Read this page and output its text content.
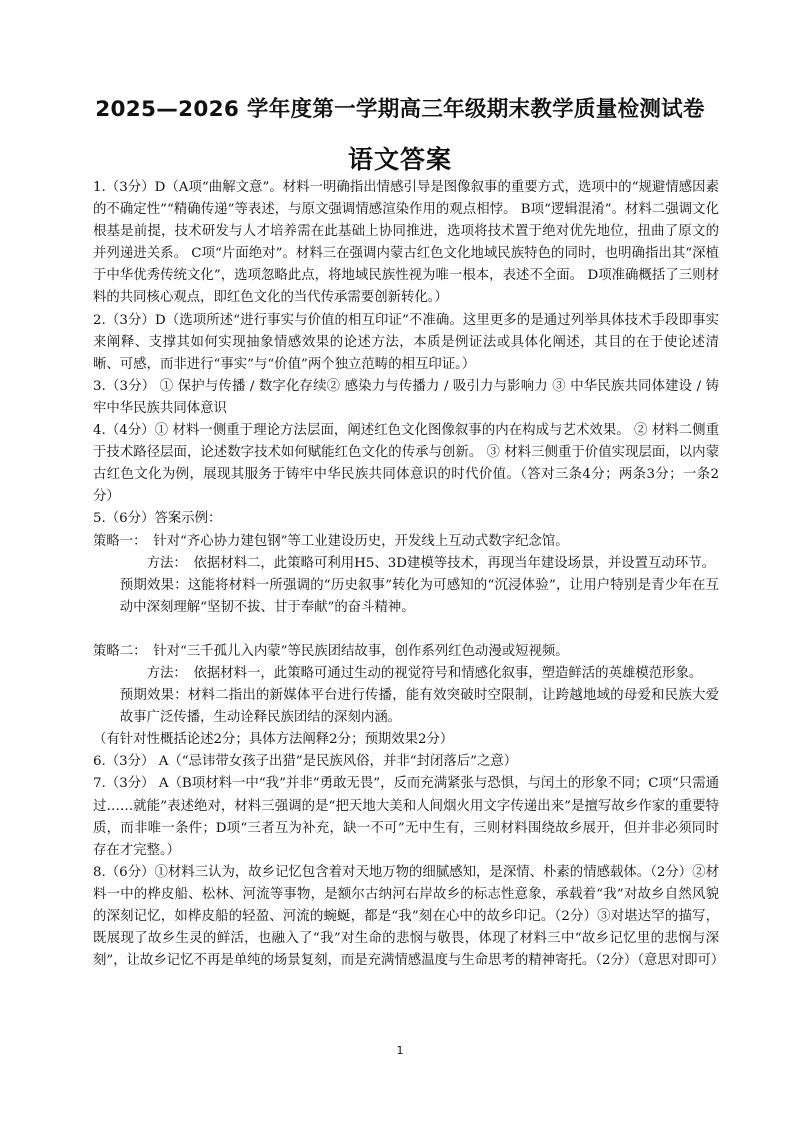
2025—2026 学年度第一学期高三年级期末教学质量检测试卷
语文答案

1.（3分）D（A项“曲解文意”。材料一明确指出情感引导是图像叙事的重要方式，选项中的“规避情感因素的不确定性”“精确传递”等表述，与原文强调情感渲染作用的观点相悖。 B项“逻辑混淆”。材料二强调文化根基是前提，技术研发与人才培养需在此基础上协同推进，选项将技术置于绝对优先地位，扭曲了原文的并列递进关系。 C项“片面绝对”。材料三在强调内蒙古红色文化地域民族特色的同时，也明确指出其“深植于中华优秀传统文化”，选项忽略此点，将地域民族性视为唯一根本，表述不全面。 D项准确概括了三则材料的共同核心观点，即红色文化的当代传承需要创新转化。）

2.（3分）D（选项所述“进行事实与价值的相互印证”不准确。这里更多的是通过列举具体技术手段即事实来阐释、支撑其如何实现抽象情感效果的论述方法，本质是例证法或具体化阐述，其目的在于使论述清晰、可感，而非进行“事实”与“价值”两个独立范畴的相互印证。）

3.（3分） ① 保护与传播 / 数字化存续② 感染力与传播力 / 吸引力与影响力 ③ 中华民族共同体建设 / 铸牢中华民族共同体意识

4.（4分）① 材料一侧重于理论方法层面，阐述红色文化图像叙事的内在构成与艺术效果。 ② 材料二侧重于技术路径层面，论述数字技术如何赋能红色文化的传承与创新。 ③ 材料三侧重于价值实现层面，以内蒙古红色文化为例，展现其服务于铸牢中华民族共同体意识的时代价值。（答对三条4分；两条3分；一条2分）

5.（6分）答案示例：

策略一：　针对“齐心协力建包钢”等工业建设历史，开发线上互动式数字纪念馆。

方法：　依据材料二，此策略可利用H5、3D建模等技术，再现当年建设场景，并设置互动环节。

预期效果：这能将材料一所强调的“历史叙事”转化为可感知的“沉浸体验”，让用户特别是青少年在互动中深刻理解“坚韧不拔、甘于奉献”的奋斗精神。

策略二：　针对“三千孤儿入内蒙”等民族团结故事，创作系列红色动漫或短视频。

方法：　依据材料一，此策略可通过生动的视觉符号和情感化叙事，塑造鲜活的英雄模范形象。

预期效果：材料二指出的新媒体平台进行传播，能有效突破时空限制，让跨越地域的母爱和民族大爱故事广泛传播，生动诠释民族团结的深刻内涵。

（有针对性概括论述2分；具体方法阐释2分；预期效果2分）

6.（3分） A（“忌讳带女孩子出猎”是民族风俗，并非“封闭落后”之意）

7.（3分） A（B项材料一中“我”并非“勇敢无畏”，反而充满紧张与恐惧，与闰土的形象不同；C项“只需通过……就能”表述绝对，材料三强调的是“把天地大美和人间烟火用文字传递出来”是擅写故乡作家的重要特质，而非唯一条件；D项“三者互为补充，缺一不可”无中生有，三则材料围绕故乡展开，但并非必须同时存在才完整。）

8.（6分）①材料三认为，故乡记忆包含着对天地万物的细腻感知，是深情、朴素的情感载体。（2分）②材料一中的桦皮船、松林、河流等事物，是额尔古纳河右岸故乡的标志性意象，承载着“我”对故乡自然风貌的深刻记忆，如桦皮船的轻盈、河流的蜿蜒，都是“我”刻在心中的故乡印记。（2分）③对堪达罕的描写，既展现了故乡生灵的鲜活，也融入了“我”对生命的悲悯与敬畏，体现了材料三中“故乡记忆里的悲悯与深刻”，让故乡记忆不再是单纯的场景复刻，而是充满情感温度与生命思考的精神寄托。（2分）（意思对即可）

1
